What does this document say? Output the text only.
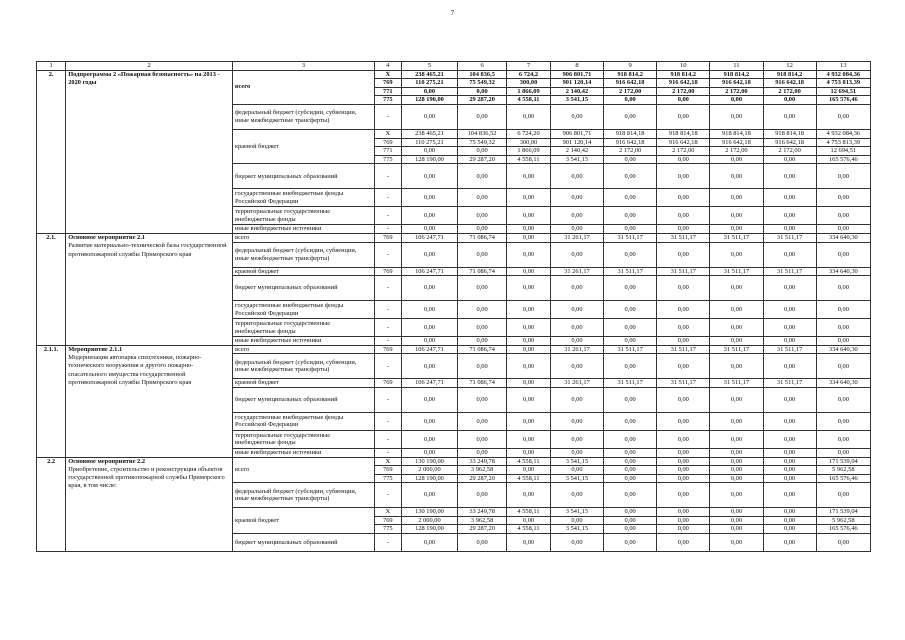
7
1	2	3	4	5	6	7	8	9	10	11	12	13
2.	Подпрограмма 2 «Пожарная безопасность» на 2013 - 2020 годы	всего	X	238 465,21	104 836,5	6 724,2	906 801,71	918 814,2	918 814,2	918 814,2	918 814,2	4 932 084,36
			769	110 275,21	75 549,32	300,00	901 120,14	916 642,18	916 642,18	916 642,18	916 642,18	4 753 813,39
			771	0,00	0,00	1 866,09	2 140,42	2 172,00	2 172,00	2 172,00	2 172,00	12 694,51
			775	128 190,00	29 287,20	4 558,11	3 541,15	0,00	0,00	0,00	0,00	165 576,46
		федеральный бюджет (субсидии, субвенции, иные межбюджетные трансферты)	-	0,00	0,00	0,00	0,00	0,00	0,00	0,00	0,00	0,00
		краевой бюджет	X	238 465,21	104 836,52	6 724,20	906 801,71	918 814,18	918 814,18	918 814,18	918 814,18	4 932 084,36
			769	110 275,21	75 549,32	300,00	901 120,14	916 642,18	916 642,18	916 642,18	916 642,18	4 753 813,39
			771	0,00	0,00	1 866,09	2 140,42	2 172,00	2 172,00	2 172,00	2 172,00	12 694,51
			775	128 190,00	29 287,20	4 558,11	3 541,15	0,00	0,00	0,00	0,00	165 576,46
		бюджет муниципальных образований	-	0,00	0,00	0,00	0,00	0,00	0,00	0,00	0,00	0,00
		государственные внебюджетные фонды Российской Федерации	-	0,00	0,00	0,00	0,00	0,00	0,00	0,00	0,00	0,00
		территориальные государственные внебюджетные фонды	-	0,00	0,00	0,00	0,00	0,00	0,00	0,00	0,00	0,00
		иные внебюджетные источники	-	0,00	0,00	0,00	0,00	0,00	0,00	0,00	0,00	0,00
2.1.	Основное мероприятие 2.1
Развитие материально-технической базы государственной противопожарной службы Приморского края	всего	769	106 247,71	71 086,74	0,00	31 261,17	31 511,17	31 511,17	31 511,17	31 511,17	334 640,30
		федеральный бюджет (субсидии, субвенции, иные межбюджетные трансферты)	-	0,00	0,00	0,00	0,00	0,00	0,00	0,00	0,00	0,00
		краевой бюджет	769	106 247,71	71 086,74	0,00	31 261,17	31 511,17	31 511,17	31 511,17	31 511,17	334 640,30
		бюджет муниципальных образований	-	0,00	0,00	0,00	0,00	0,00	0,00	0,00	0,00	0,00
		государственные внебюджетные фонды Российской Федерации	-	0,00	0,00	0,00	0,00	0,00	0,00	0,00	0,00	0,00
		территориальные государственные внебюджетные фонды	-	0,00	0,00	0,00	0,00	0,00	0,00	0,00	0,00	0,00
		иные внебюджетные источники	-	0,00	0,00	0,00	0,00	0,00	0,00	0,00	0,00	0,00
2.1.1.	Мероприятие 2.1.1
Модернизация автопарка спецтехники, пожарно-технического вооружения и другого пожарно-спасательного имущества государственной противопожарной службы Приморского края	всего	769	106 247,71	71 086,74	0,00	31 261,17	31 511,17	31 511,17	31 511,17	31 511,17	334 640,30
		федеральный бюджет (субсидии, субвенции, иные межбюджетные трансферты)	-	0,00	0,00	0,00	0,00	0,00	0,00	0,00	0,00	0,00
		краевой бюджет	769	106 247,71	71 086,74	0,00	31 261,17	31 511,17	31 511,17	31 511,17	31 511,17	334 640,30
		бюджет муниципальных образований	-	0,00	0,00	0,00	0,00	0,00	0,00	0,00	0,00	0,00
		государственные внебюджетные фонды Российской Федерации	-	0,00	0,00	0,00	0,00	0,00	0,00	0,00	0,00	0,00
		территориальные государственные внебюджетные фонды	-	0,00	0,00	0,00	0,00	0,00	0,00	0,00	0,00	0,00
		иные внебюджетные источники	-	0,00	0,00	0,00	0,00	0,00	0,00	0,00	0,00	0,00
2.2	Основное мероприятие 2.2
Приобретение, строительство и реконструкция объектов государственной противопожарной службы Приморского края, в том числе:	всего	X	130 190,00	33 249,78	4 558,11	3 541,15	0,00	0,00	0,00	0,00	171 539,04
			769	2 000,00	3 962,58	0,00	0,00	0,00	0,00	0,00	0,00	5 962,58
			775	128 190,00	29 287,20	4 558,11	3 541,15	0,00	0,00	0,00	0,00	165 576,46
		федеральный бюджет (субсидии, субвенции, иные межбюджетные трансферты)	-	0,00	0,00	0,00	0,00	0,00	0,00	0,00	0,00	0,00
		краевой бюджет	X	130 190,00	33 249,78	4 558,11	3 541,15	0,00	0,00	0,00	0,00	171 539,04
			769	2 000,00	3 962,58	0,00	0,00	0,00	0,00	0,00	0,00	5 962,58
			775	128 190,00	29 287,20	4 558,11	3 541,15	0,00	0,00	0,00	0,00	165 576,46
		бюджет муниципальных образований	-	0,00	0,00	0,00	0,00	0,00	0,00	0,00	0,00	0,00
